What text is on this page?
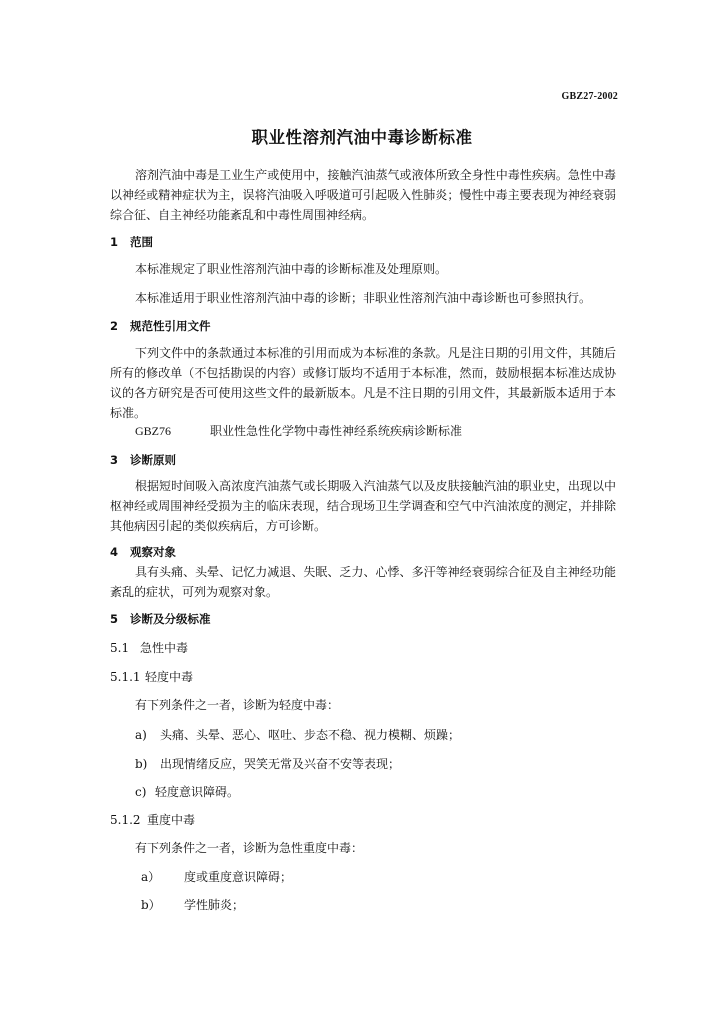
GBZ27-2002
职业性溶剂汽油中毒诊断标准
溶剂汽油中毒是工业生产或使用中，接触汽油蒸气或液体所致全身性中毒性疾病。急性中毒以神经或精神症状为主，误将汽油吸入呼吸道可引起吸入性肺炎；慢性中毒主要表现为神经衰弱综合征、自主神经功能紊乱和中毒性周围神经病。
1 范围
本标准规定了职业性溶剂汽油中毒的诊断标准及处理原则。
本标准适用于职业性溶剂汽油中毒的诊断；非职业性溶剂汽油中毒诊断也可参照执行。
2 规范性引用文件
下列文件中的条款通过本标准的引用而成为本标准的条款。凡是注日期的引用文件，其随后所有的修改单（不包括勘误的内容）或修订版均不适用于本标准，然而，鼓励根据本标准达成协议的各方研究是否可使用这些文件的最新版本。凡是不注日期的引用文件，其最新版本适用于本标准。
GBZ76	职业性急性化学物中毒性神经系统疾病诊断标准
3 诊断原则
根据短时间吸入高浓度汽油蒸气或长期吸入汽油蒸气以及皮肤接触汽油的职业史，出现以中枢神经或周围神经受损为主的临床表现，结合现场卫生学调查和空气中汽油浓度的测定，并排除其他病因引起的类似疾病后，方可诊断。
4 观察对象
具有头痛、头晕、记忆力减退、失眠、乏力、心悸、多汗等神经衰弱综合征及自主神经功能紊乱的症状，可列为观察对象。
5 诊断及分级标准
5.1 急性中毒
5.1.1 轻度中毒
有下列条件之一者，诊断为轻度中毒：
a) 头痛、头晕、恶心、呕吐、步态不稳、视力模糊、烦躁；
b) 出现情绪反应，哭笑无常及兴奋不安等表现；
c) 轻度意识障碍。
5.1.2 重度中毒
有下列条件之一者，诊断为急性重度中毒：
a） 度或重度意识障碍；
b） 学性肺炎；
